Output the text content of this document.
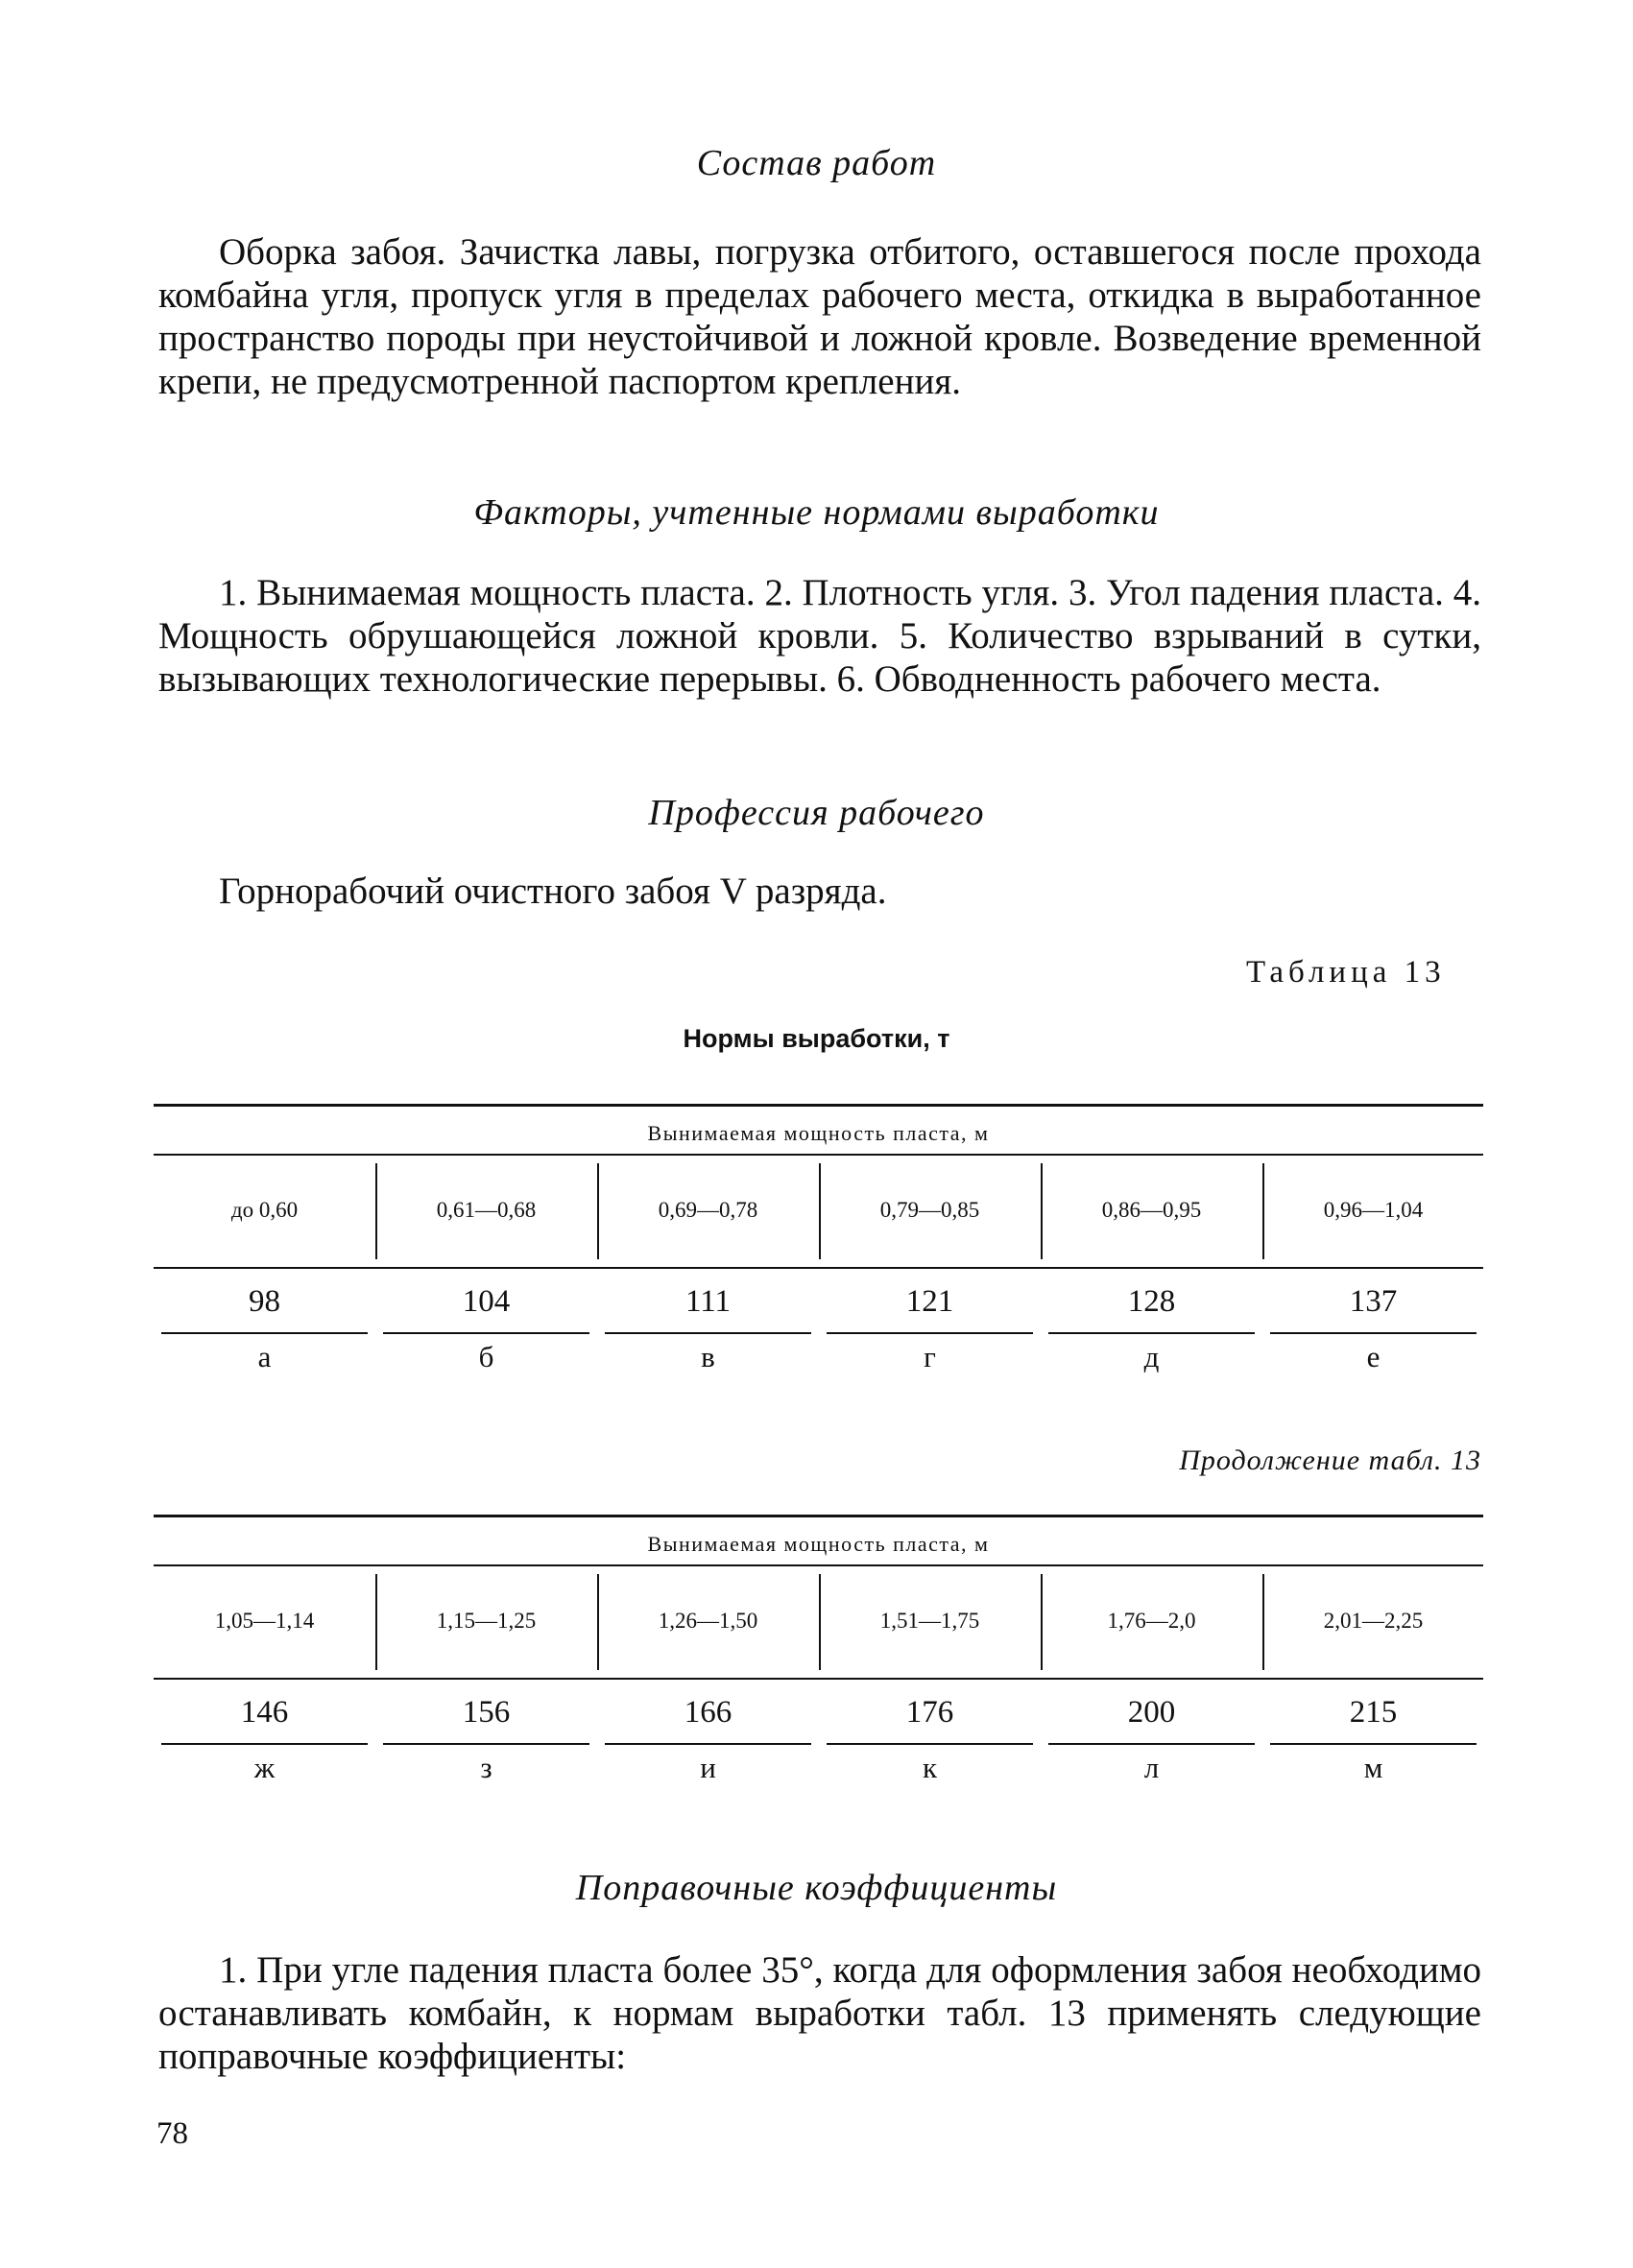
Состав работ

Оборка забоя. Зачистка лавы, погрузка отбитого, оставшегося после прохода комбайна угля, пропуск угля в пределах рабочего места, откидка в выработанное пространство породы при неустойчивой и ложной кровле. Возведение временной крепи, не предусмотренной паспортом крепления.

Факторы, учтенные нормами выработки

1. Вынимаемая мощность пласта. 2. Плотность угля. 3. Угол падения пласта. 4. Мощность обрушающейся ложной кровли. 5. Количество взрываний в сутки, вызывающих технологические перерывы. 6. Обводненность рабочего места.

Профессия рабочего

Горнорабочий очистного забоя V разряда.

Таблица 13
Нормы выработки, т
Вынимаемая мощность пласта, м
до 0,60
98
а
0,61—0,68
104
б
0,69—0,78
111
в
0,79—0,85
121
г
0,86—0,95
128
д
0,96—1,04
137
е
Продолжение табл. 13
Вынимаемая мощность пласта, м
1,05—1,14
146
ж
1,15—1,25
156
з
1,26—1,50
166
и
1,51—1,75
176
к
1,76—2,0
200
л
2,01—2,25
215
м
Поправочные коэффициенты

1. При угле падения пласта более 35°, когда для оформления забоя необходимо останавливать комбайн, к нормам выработки табл. 13 применять следующие поправочные коэффициенты:

78
